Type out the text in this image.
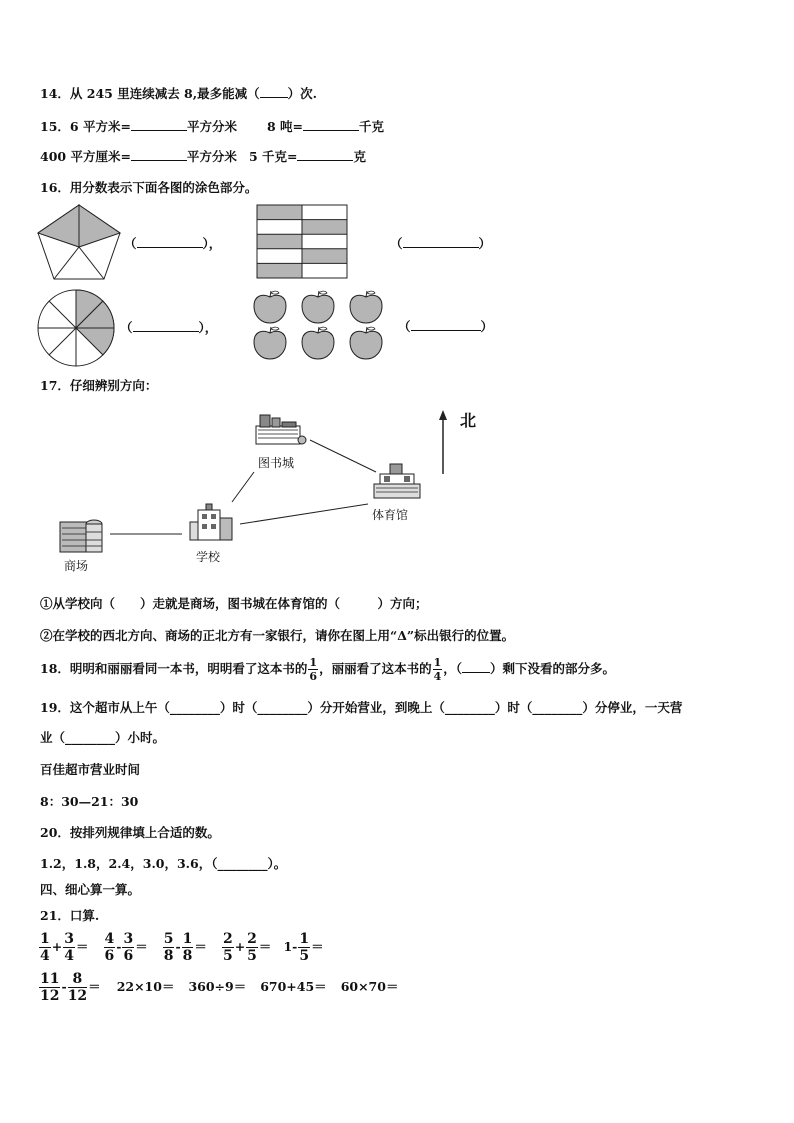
14．从 245 里连续减去 8,最多能减（ ）次.
15．6 平方米=	平方分米 8 吨=	千克
400 平方厘米=	平方分米 5 千克=	克
16．用分数表示下面各图的涂色部分。
（	），	（	）
（	），	（	）
17．仔细辨别方向：
北
图书城
体育馆
商场
学校
①从学校向（　　）走就是商场，图书城在体育馆的（　　　）方向；
②在学校的西北方向、商场的正北方有一家银行，请你在图上用“Δ”标出银行的位置。
18．明明和丽丽看同一本书，明明看了这本书的 $\frac{1}{6}$ ，丽丽看了这本书的 $\frac{1}{4}$ ，（ ）剩下没看的部分多。
19．这个超市从上午（________）时（________）分开始营业，到晚上（________）时（________）分停业，一天营
业（________）小时。
百佳超市营业时间
8：30—21：30
20．按排列规律填上合适的数。
1.2，1.8，2.4，3.0，3.6，（________）。
四、细心算一算。
21．口算.
$\frac{1}{4} + \frac{3}{4} = \frac{4}{6} - \frac{3}{6} = \frac{5}{8} - \frac{1}{8} = \frac{2}{5} + \frac{2}{5} = 1- \frac{1}{5}$ ＝
$\frac{11}{12} - \frac{8}{12} = 22\times 10= 360\div 9= 670+45= 60\times 70=$
